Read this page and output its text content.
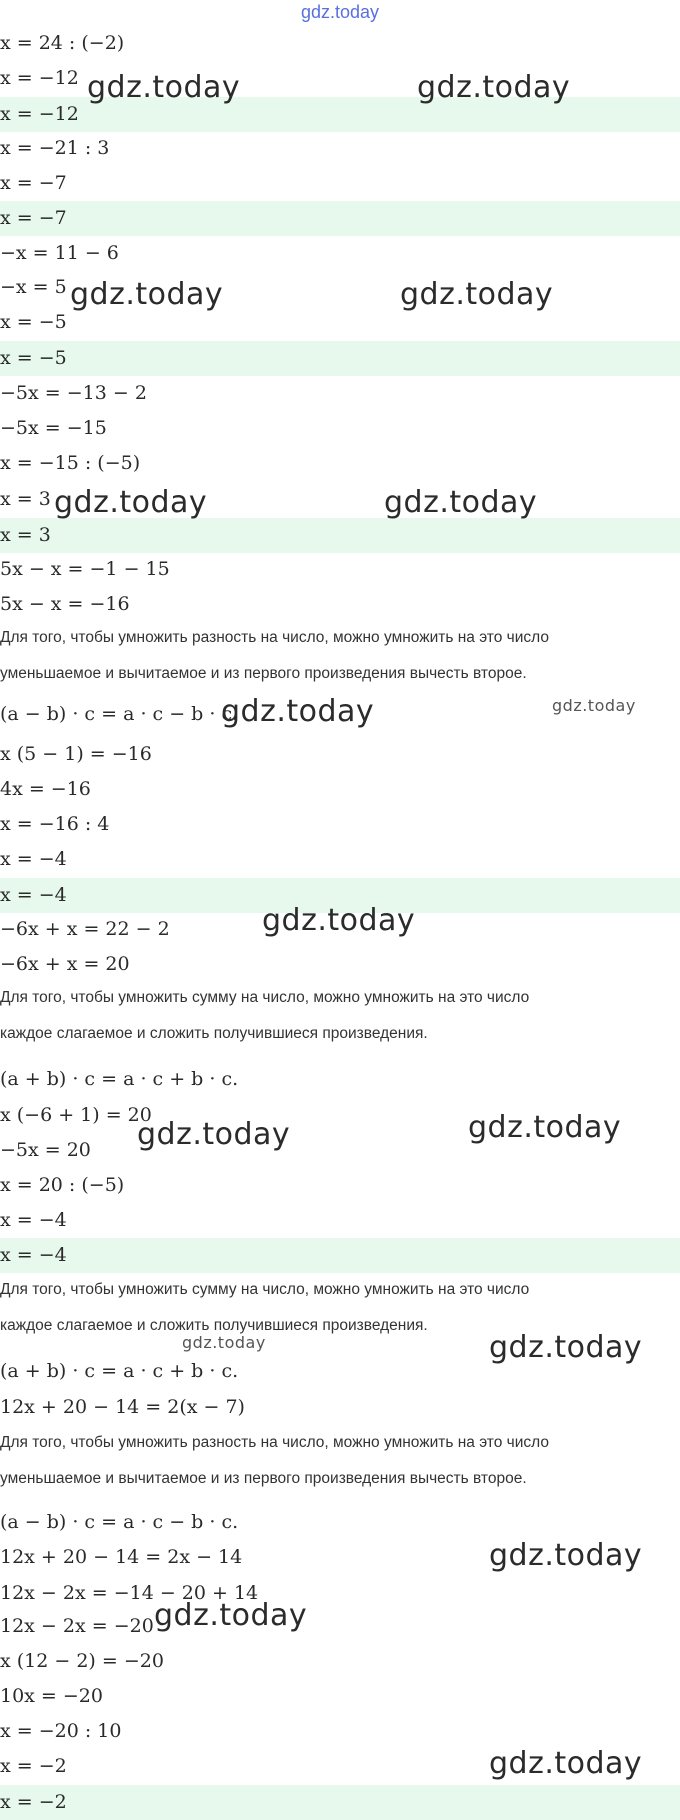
gdz.today
x = 24 : (−2)
x = −12
x = −12
x = −21 : 3
x = −7
x = −7
−x = 11 − 6
−x = 5
x = −5
x = −5
−5x = −13 − 2
−5x = −15
x = −15 : (−5)
x = 3
x = 3
5x − x = −1 − 15
5x − x = −16
Для того, чтобы умножить разность на число, можно умножить на это число
уменьшаемое и вычитаемое и из первого произведения вычесть второе.
(a − b) · c = a · c − b · c.
x (5 − 1) = −16
4x = −16
x = −16 : 4
x = −4
x = −4
−6x + x = 22 − 2
−6x + x = 20
Для того, чтобы умножить сумму на число, можно умножить на это число
каждое слагаемое и сложить получившиеся произведения.
(a + b) · c = a · c + b · c.
x (−6 + 1) = 20
−5x = 20
x = 20 : (−5)
x = −4
x = −4
Для того, чтобы умножить сумму на число, можно умножить на это число
каждое слагаемое и сложить получившиеся произведения.
(a + b) · c = a · c + b · c.
12x + 20 − 14 = 2(x − 7)
Для того, чтобы умножить разность на число, можно умножить на это число
уменьшаемое и вычитаемое и из первого произведения вычесть второе.
(a − b) · c = a · c − b · c.
12x + 20 − 14 = 2x − 14
12x − 2x = −14 − 20 + 14
12x − 2x = −20
x (12 − 2) = −20
10x = −20
x = −20 : 10
x = −2
x = −2
gdz.today	gdz.today
gdz.today	gdz.today
gdz.today	gdz.today
gdz.today
gdz.today
gdz.today
gdz.today	gdz.today
gdz.today	gdz.today
gdz.today
gdz.today
gdz.today
